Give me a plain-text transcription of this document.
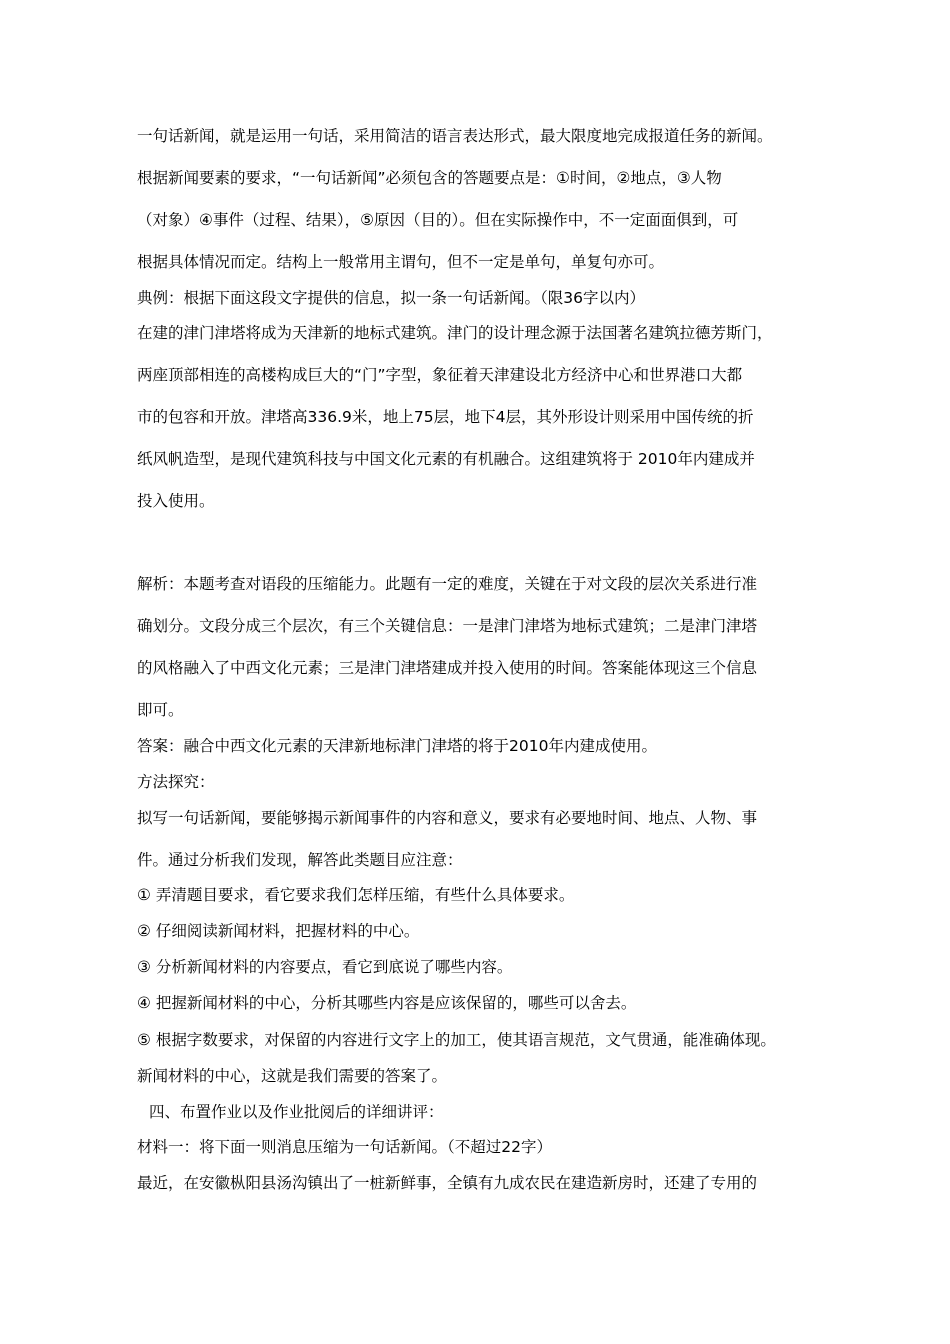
一句话新闻，就是运用一句话，采用简洁的语言表达形式，最大限度地完成报道任务的新闻。

根据新闻要素的要求，“一句话新闻”必须包含的答题要点是：①时间，②地点，③人物

（对象）④事件（过程、结果），⑤原因（目的）。但在实际操作中，不一定面面俱到，可

根据具体情况而定。结构上一般常用主谓句，但不一定是单句，单复句亦可。

典例：根据下面这段文字提供的信息，拟一条一句话新闻。（限36字以内）

在建的津门津塔将成为天津新的地标式建筑。津门的设计理念源于法国著名建筑拉德芳斯门，

两座顶部相连的高楼构成巨大的“门”字型，象征着天津建设北方经济中心和世界港口大都

市的包容和开放。津塔高336.9米，地上75层，地下4层，其外形设计则采用中国传统的折

纸风帆造型，是现代建筑科技与中国文化元素的有机融合。这组建筑将于 2010年内建成并

投入使用。

解析：本题考查对语段的压缩能力。此题有一定的难度，关键在于对文段的层次关系进行准

确划分。文段分成三个层次，有三个关键信息：一是津门津塔为地标式建筑；二是津门津塔

的风格融入了中西文化元素；三是津门津塔建成并投入使用的时间。答案能体现这三个信息

即可。

答案：融合中西文化元素的天津新地标津门津塔的将于2010年内建成使用。

方法探究：

拟写一句话新闻，要能够揭示新闻事件的内容和意义，要求有必要地时间、地点、人物、事

件。通过分析我们发现，解答此类题目应注意：

① 弄清题目要求，看它要求我们怎样压缩，有些什么具体要求。

② 仔细阅读新闻材料，把握材料的中心。

③ 分析新闻材料的内容要点，看它到底说了哪些内容。

④ 把握新闻材料的中心，分析其哪些内容是应该保留的，哪些可以舍去。

⑤ 根据字数要求，对保留的内容进行文字上的加工，使其语言规范，文气贯通，能准确体现。

新闻材料的中心，这就是我们需要的答案了。

四、布置作业以及作业批阅后的详细讲评：

材料一：将下面一则消息压缩为一句话新闻。（不超过22字）

最近，在安徽枞阳县汤沟镇出了一桩新鲜事，全镇有九成农民在建造新房时，还建了专用的
